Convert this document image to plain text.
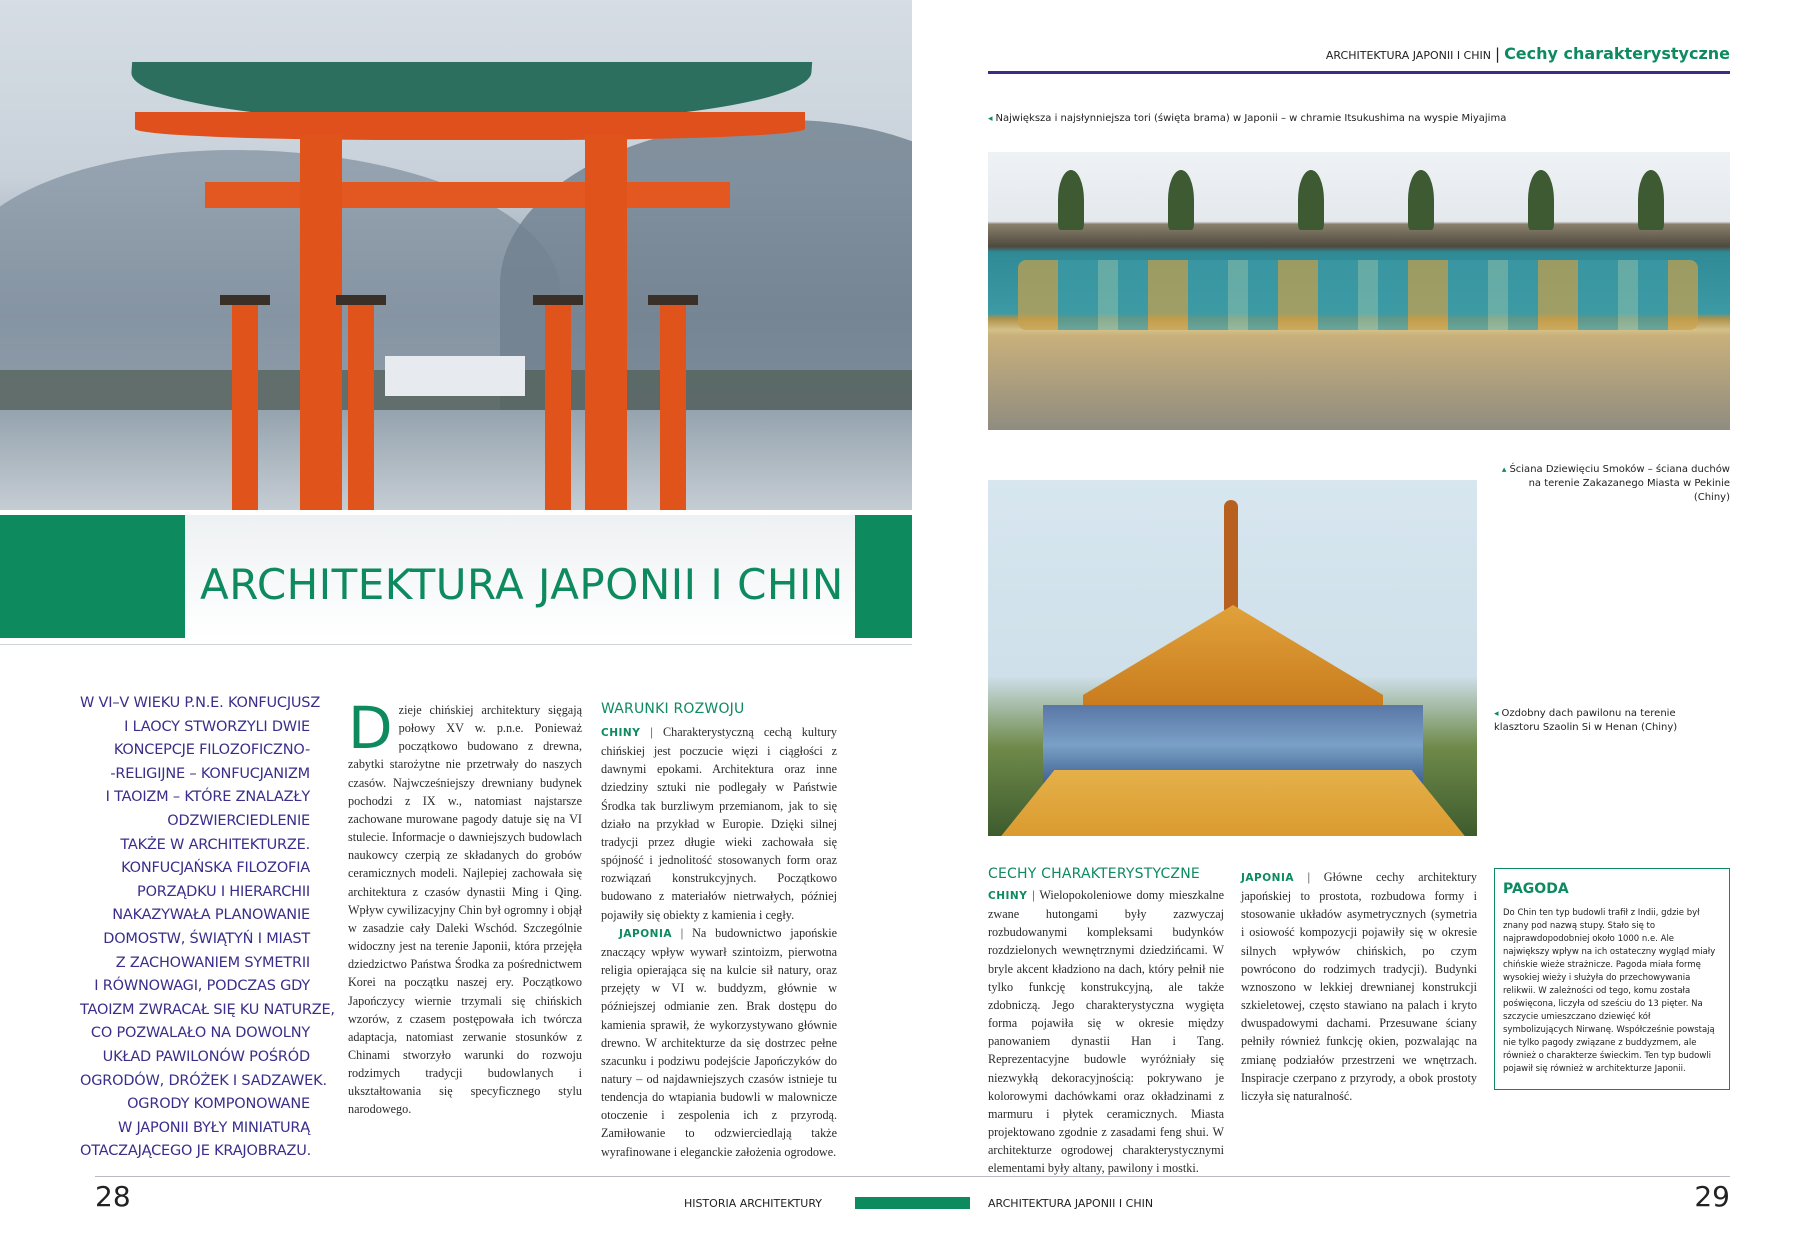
ARCHITEKTURA JAPONII I CHIN
W VI–V WIEKU P.N.E. KONFUCJUSZ
I LAOCY STWORZYLI DWIE
KONCEPCJE FILOZOFICZNO-
-RELIGIJNE – KONFUCJANIZM
I TAOIZM – KTÓRE ZNALAZŁY
ODZWIERCIEDLENIE
TAKŻE W ARCHITEKTURZE.
KONFUCJAŃSKA FILOZOFIA
PORZĄDKU I HIERARCHII
NAKAZYWAŁA PLANOWANIE
DOMOSTW, ŚWIĄTYŃ I MIAST
Z ZACHOWANIEM SYMETRII
I RÓWNOWAGI, PODCZAS GDY
TAOIZM ZWRACAŁ SIĘ KU NATURZE,
CO POZWALAŁO NA DOWOLNY
UKŁAD PAWILONÓW POŚRÓD
OGRODÓW, DRÓŻEK I SADZAWEK.
OGRODY KOMPONOWANE
W JAPONII BYŁY MINIATURĄ
OTACZAJĄCEGO JE KRAJOBRAZU.

Dzieje chińskiej architektury sięgają połowy XV w. p.n.e. Ponieważ początkowo budowano z drewna, zabytki starożytne nie przetrwały do naszych czasów. Najwcześniejszy drewniany budynek pochodzi z IX w., natomiast najstarsze zachowane murowane pagody datuje się na VI stulecie. Informacje o dawniejszych budowlach naukowcy czerpią ze składanych do grobów ceramicznych modeli. Najlepiej zachowała się architektura z czasów dynastii Ming i Qing. Wpływ cywilizacyjny Chin był ogromny i objął w zasadzie cały Daleki Wschód. Szczególnie widoczny jest na terenie Japonii, która przejęła dziedzictwo Państwa Środka za pośrednictwem Korei na początku naszej ery. Początkowo Japończycy wiernie trzymali się chińskich wzorów, z czasem postępowała ich twórcza adaptacja, natomiast zerwanie stosunków z Chinami stworzyło warunki do rozwoju rodzimych tradycji budowlanych i ukształtowania się specyficznego stylu narodowego.

WARUNKI ROZWOJU

CHINY | Charakterystyczną cechą kultury chińskiej jest poczucie więzi i ciągłości z dawnymi epokami. Architektura oraz inne dziedziny sztuki nie podlegały w Państwie Środka tak burzliwym przemianom, jak to się działo na przykład w Europie. Dzięki silnej tradycji przez długie wieki zachowała się spójność i jednolitość stosowanych form oraz rozwiązań konstrukcyjnych. Początkowo budowano z materiałów nietrwałych, później pojawiły się obiekty z kamienia i cegły.

JAPONIA | Na budownictwo japońskie znaczący wpływ wywarł szintoizm, pierwotna religia opierająca się na kulcie sił natury, oraz przejęty w VI w. buddyzm, głównie w późniejszej odmianie zen. Brak dostępu do kamienia sprawił, że wykorzystywano głównie drewno. W architekturze da się dostrzec pełne szacunku i podziwu podejście Japończyków do natury – od najdawniejszych czasów istnieje tu tendencja do wtapiania budowli w malownicze otoczenie i zespolenia ich z przyrodą. Zamiłowanie to odzwierciedlają także wyrafinowane i eleganckie założenia ogrodowe.

ARCHITEKTURA JAPONII I CHIN | Cechy charakterystyczne
◂ Największa i najsłynniejsza tori (święta brama) w Japonii – w chramie Itsukushima na wyspie Miyajima
▴ Ściana Dziewięciu Smoków – ściana duchów na terenie Zakazanego Miasta w Pekinie (Chiny)
◂ Ozdobny dach pawilonu na terenie klasztoru Szaolin Si w Henan (Chiny)
CECHY CHARAKTERYSTYCZNE

CHINY | Wielopokoleniowe domy mieszkalne zwane hutongami były zazwyczaj rozbudowanymi kompleksami budynków rozdzielonych wewnętrznymi dziedzińcami. W bryle akcent kładziono na dach, który pełnił nie tylko funkcję konstrukcyjną, ale także zdobniczą. Jego charakterystyczna wygięta forma pojawiła się w okresie między panowaniem dynastii Han i Tang. Reprezentacyjne budowle wyróżniały się niezwykłą dekoracyjnością: pokrywano je kolorowymi dachówkami oraz okładzinami z marmuru i płytek ceramicznych. Miasta projektowano zgodnie z zasadami feng shui. W architekturze ogrodowej charakterystycznymi elementami były altany, pawilony i mostki.

JAPONIA | Główne cechy architektury japońskiej to prostota, rozbudowa formy i stosowanie układów asymetrycznych (symetria i osiowość kompozycji pojawiły się w okresie silnych wpływów chińskich, po czym powrócono do rodzimych tradycji). Budynki wznoszono w lekkiej drewnianej konstrukcji szkieletowej, często stawiano na palach i kryto dwuspadowymi dachami. Przesuwane ściany pełniły również funkcję okien, pozwalając na zmianę podziałów przestrzeni we wnętrzach. Inspiracje czerpano z przyrody, a obok prostoty liczyła się naturalność.

PAGODA
Do Chin ten typ budowli trafił z Indii, gdzie był znany pod nazwą stupy. Stało się to najprawdopodobniej około 1000 n.e. Ale największy wpływ na ich ostateczny wygląd miały chińskie wieże strażnicze. Pagoda miała formę wysokiej wieży i służyła do przechowywania relikwii. W zależności od tego, komu została poświęcona, liczyła od sześciu do 13 pięter. Na szczycie umieszczano dziewięć kół symbolizujących Nirwanę. Współcześnie powstają nie tylko pagody związane z buddyzmem, ale również o charakterze świeckim. Ten typ budowli pojawił się również w architekturze Japonii.
28	HISTORIA ARCHITEKTURY	ARCHITEKTURA JAPONII I CHIN	29
